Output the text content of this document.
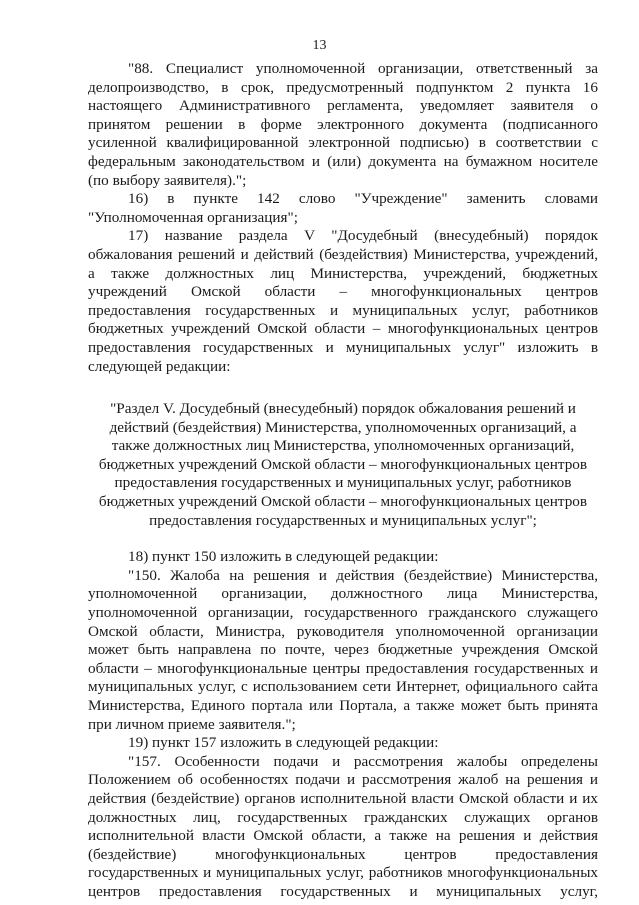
13

"88. Специалист уполномоченной организации, ответственный за делопроизводство, в срок, предусмотренный подпунктом 2 пункта 16 настоящего Административного регламента, уведомляет заявителя о принятом решении в форме электронного документа (подписанного усиленной квалифицированной электронной подписью) в соответствии с федеральным законодательством и (или) документа на бумажном носителе (по выбору заявителя).";

16) в пункте 142 слово "Учреждение" заменить словами "Уполномоченная организация";

17) название раздела V "Досудебный (внесудебный) порядок обжалования решений и действий (бездействия) Министерства, учреждений, а также должностных лиц Министерства, учреждений, бюджетных учреждений Омской области – многофункциональных центров предоставления государственных и муниципальных услуг, работников бюджетных учреждений Омской области – многофункциональных центров предоставления государственных и муниципальных услуг" изложить в следующей редакции:

"Раздел V. Досудебный (внесудебный) порядок обжалования решений и действий (бездействия) Министерства, уполномоченных организаций, а также должностных лиц Министерства, уполномоченных организаций, бюджетных учреждений Омской области – многофункциональных центров предоставления государственных и муниципальных услуг, работников бюджетных учреждений Омской области – многофункциональных центров предоставления государственных и муниципальных услуг";

18) пункт 150 изложить в следующей редакции:

"150. Жалоба на решения и действия (бездействие) Министерства, уполномоченной организации, должностного лица Министерства, уполномоченной организации, государственного гражданского служащего Омской области, Министра, руководителя уполномоченной организации может быть направлена по почте, через бюджетные учреждения Омской области – многофункциональные центры предоставления государственных и муниципальных услуг, с использованием сети Интернет, официального сайта Министерства, Единого портала или Портала, а также может быть принята при личном приеме заявителя.";

19) пункт 157 изложить в следующей редакции:

"157. Особенности подачи и рассмотрения жалобы определены Положением об особенностях подачи и рассмотрения жалоб на решения и действия (бездействие) органов исполнительной власти Омской области и их должностных лиц, государственных гражданских служащих органов исполнительной власти Омской области, а также на решения и действия (бездействие) многофункциональных центров предоставления государственных и муниципальных услуг, работников многофункциональных центров предоставления государственных и муниципальных услуг,
